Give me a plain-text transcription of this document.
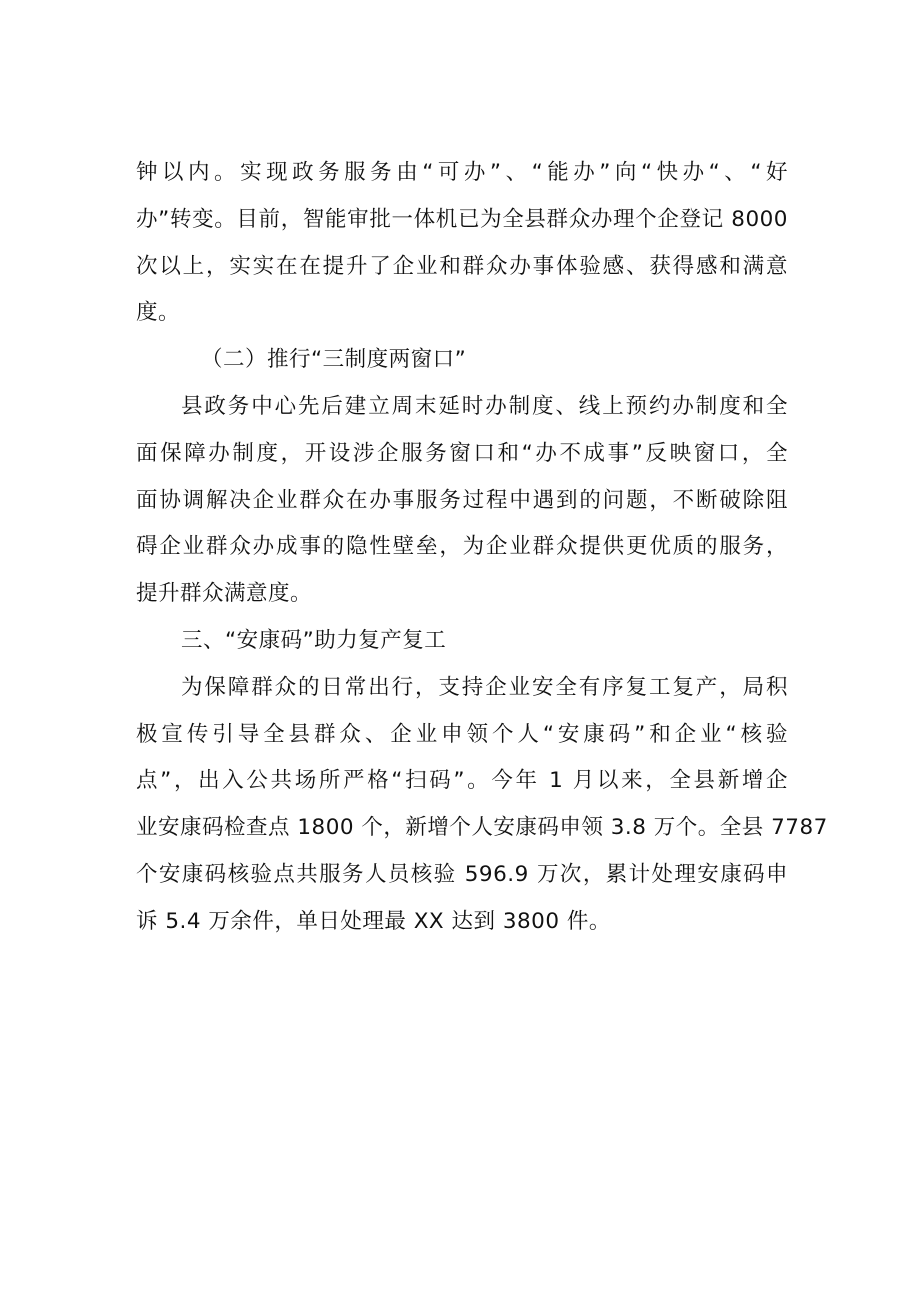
钟以内。实现政务服务由“可办”、“能办”向“快办“、“好
办”转变。目前，智能审批一体机已为全县群众办理个企登记 8000
次以上，实实在在提升了企业和群众办事体验感、获得感和满意
度。
（二）推行“三制度两窗口”
县政务中心先后建立周末延时办制度、线上预约办制度和全
面保障办制度，开设涉企服务窗口和“办不成事”反映窗口，全
面协调解决企业群众在办事服务过程中遇到的问题，不断破除阻
碍企业群众办成事的隐性壁垒，为企业群众提供更优质的服务，
提升群众满意度。
三、“安康码”助力复产复工
为保障群众的日常出行，支持企业安全有序复工复产，局积
极宣传引导全县群众、企业申领个人“安康码”和企业“核验
点”，出入公共场所严格“扫码”。今年 1 月以来，全县新增企
业安康码检查点 1800 个，新增个人安康码申领 3.8 万个。全县 7787
个安康码核验点共服务人员核验 596.9 万次，累计处理安康码申
诉 5.4 万余件，单日处理最 XX 达到 3800 件。
